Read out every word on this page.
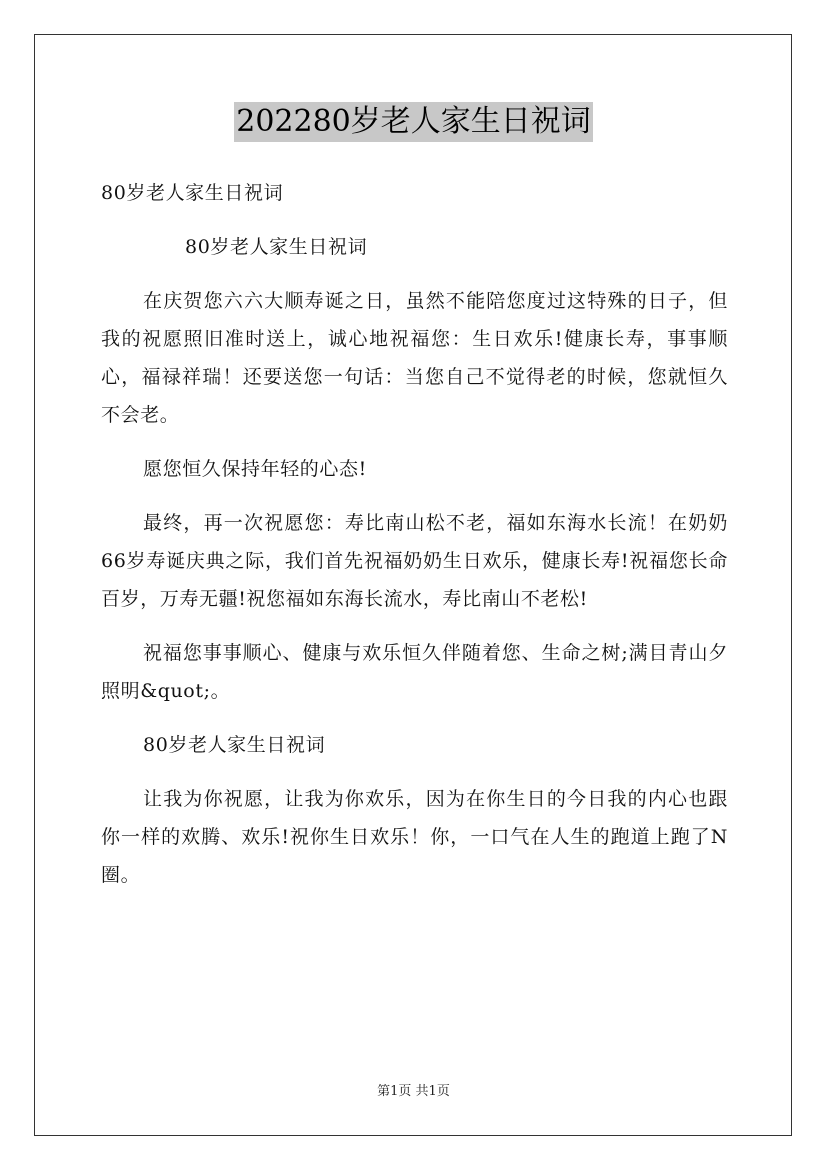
202280岁老人家生日祝词

80岁老人家生日祝词

80岁老人家生日祝词

在庆贺您六六大顺寿诞之日，虽然不能陪您度过这特殊的日子，但我的祝愿照旧准时送上，诚心地祝福您：生日欢乐!健康长寿，事事顺心，福禄祥瑞！还要送您一句话：当您自己不觉得老的时候，您就恒久不会老。

愿您恒久保持年轻的心态!

最终，再一次祝愿您：寿比南山松不老，福如东海水长流！在奶奶66岁寿诞庆典之际，我们首先祝福奶奶生日欢乐，健康长寿!祝福您长命百岁，万寿无疆!祝您福如东海长流水，寿比南山不老松!

祝福您事事顺心、健康与欢乐恒久伴随着您、生命之树;满目青山夕照明&quot;。

80岁老人家生日祝词

让我为你祝愿，让我为你欢乐，因为在你生日的今日我的内心也跟你一样的欢腾、欢乐!祝你生日欢乐！你，一口气在人生的跑道上跑了N圈。

第1页 共1页
